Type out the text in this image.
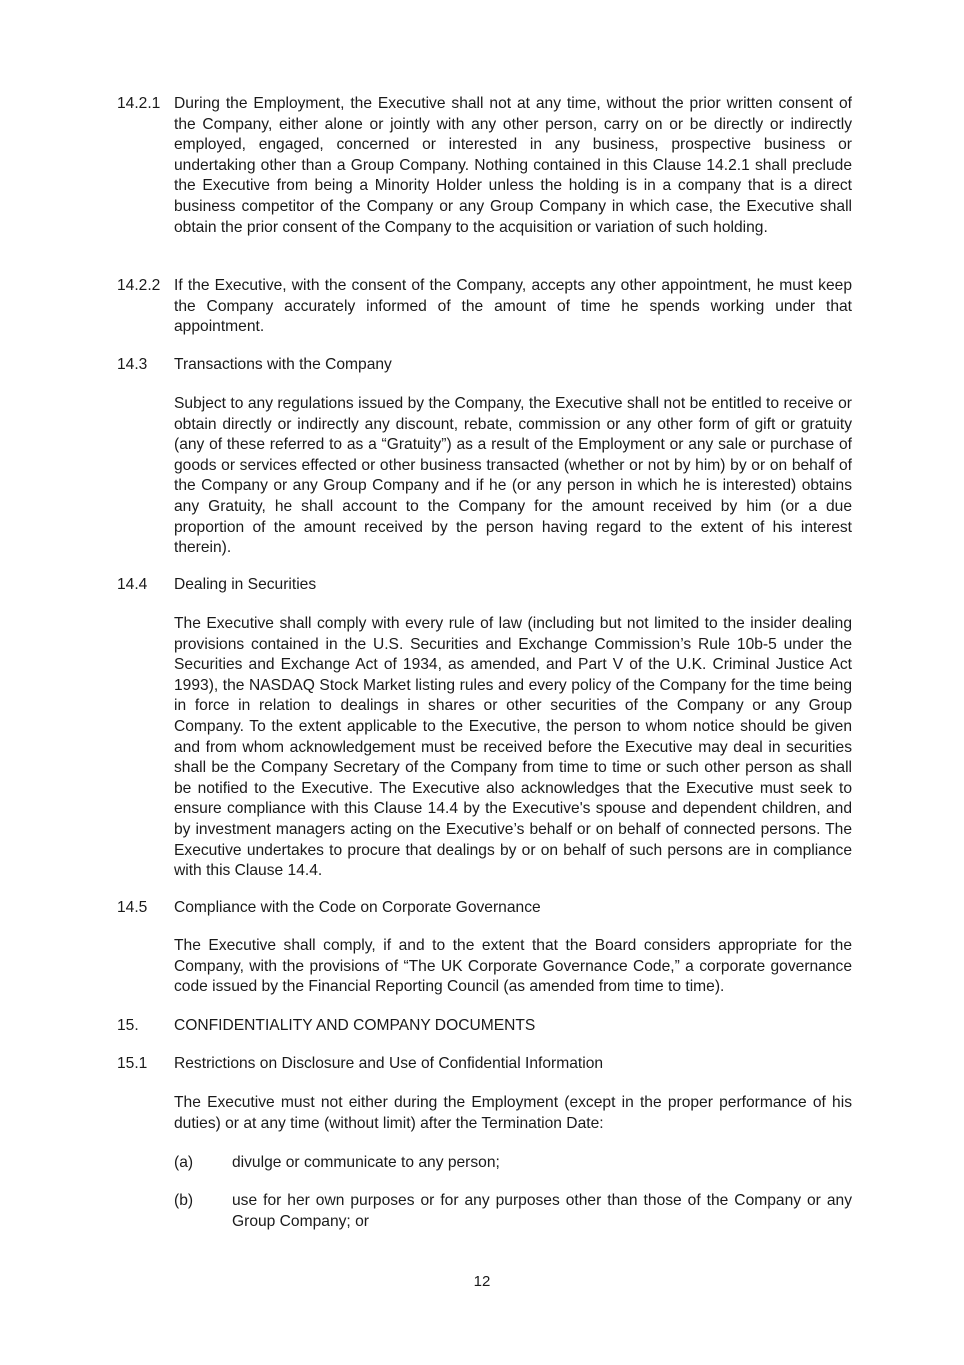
14.2.1 During the Employment, the Executive shall not at any time, without the prior written consent of the Company, either alone or jointly with any other person, carry on or be directly or indirectly employed, engaged, concerned or interested in any business, prospective business or undertaking other than a Group Company. Nothing contained in this Clause 14.2.1 shall preclude the Executive from being a Minority Holder unless the holding is in a company that is a direct business competitor of the Company or any Group Company in which case, the Executive shall obtain the prior consent of the Company to the acquisition or variation of such holding.
14.2.2 If the Executive, with the consent of the Company, accepts any other appointment, he must keep the Company accurately informed of the amount of time he spends working under that appointment.
14.3 Transactions with the Company
Subject to any regulations issued by the Company, the Executive shall not be entitled to receive or obtain directly or indirectly any discount, rebate, commission or any other form of gift or gratuity (any of these referred to as a “Gratuity”) as a result of the Employment or any sale or purchase of goods or services effected or other business transacted (whether or not by him) by or on behalf of the Company or any Group Company and if he (or any person in which he is interested) obtains any Gratuity, he shall account to the Company for the amount received by him (or a due proportion of the amount received by the person having regard to the extent of his interest therein).
14.4 Dealing in Securities
The Executive shall comply with every rule of law (including but not limited to the insider dealing provisions contained in the U.S. Securities and Exchange Commission’s Rule 10b-5 under the Securities and Exchange Act of 1934, as amended, and Part V of the U.K. Criminal Justice Act 1993), the NASDAQ Stock Market listing rules and every policy of the Company for the time being in force in relation to dealings in shares or other securities of the Company or any Group Company. To the extent applicable to the Executive, the person to whom notice should be given and from whom acknowledgement must be received before the Executive may deal in securities shall be the Company Secretary of the Company from time to time or such other person as shall be notified to the Executive. The Executive also acknowledges that the Executive must seek to ensure compliance with this Clause 14.4 by the Executive's spouse and dependent children, and by investment managers acting on the Executive’s behalf or on behalf of connected persons. The Executive undertakes to procure that dealings by or on behalf of such persons are in compliance with this Clause 14.4.
14.5 Compliance with the Code on Corporate Governance
The Executive shall comply, if and to the extent that the Board considers appropriate for the Company, with the provisions of “The UK Corporate Governance Code,” a corporate governance code issued by the Financial Reporting Council (as amended from time to time).
15. CONFIDENTIALITY AND COMPANY DOCUMENTS
15.1 Restrictions on Disclosure and Use of Confidential Information
The Executive must not either during the Employment (except in the proper performance of his duties) or at any time (without limit) after the Termination Date:
(a) divulge or communicate to any person;
(b) use for her own purposes or for any purposes other than those of the Company or any Group Company; or
12
